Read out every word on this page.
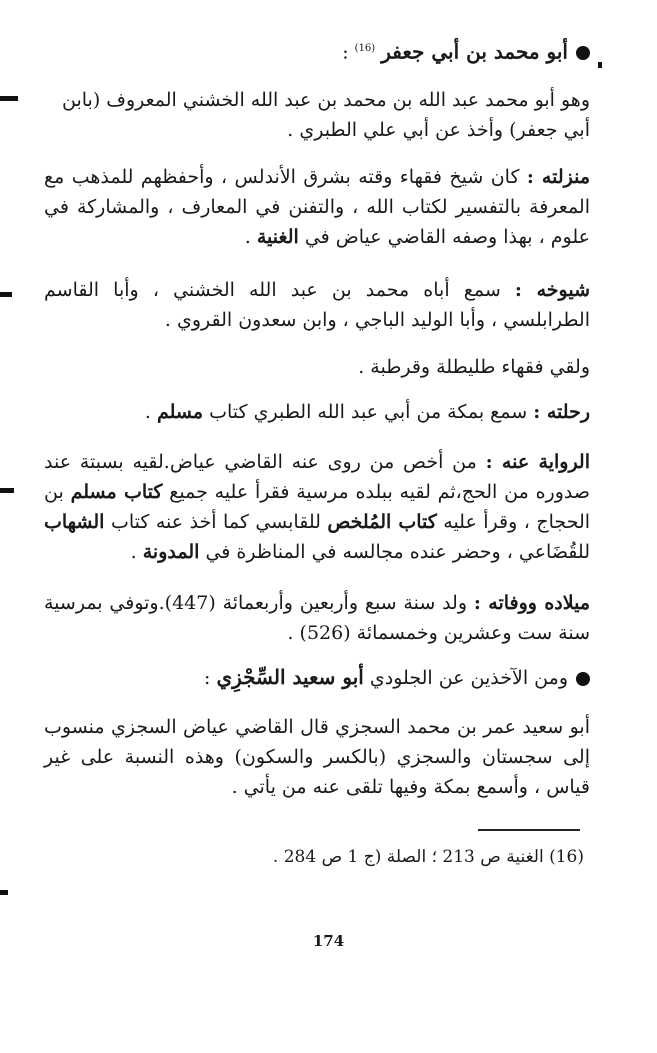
أبو محمد بن أبي جعفر $^{(16)}$ :
وهو أبو محمد عبد الله بن محمد بن عبد الله الخشني المعروف (بابن
أبي جعفر) وأخذ عن أبي علي الطبري .
منزلته : كان شيخ فقهاء وقته بشرق الأندلس ، وأحفظهم للمذهب مع المعرفة بالتفسير لكتاب الله ، والتفنن في المعارف ، والمشاركة في علوم ، بهذا وصفه القاضي عياض في الغنية .
شيوخه : سمع أباه محمد بن عبد الله الخشني ، وأبا القاسم الطرابلسي ، وأبا الوليد الباجي ، وابن سعدون القروي .
ولقي فقهاء طليطلة وقرطبة .
رحلته : سمع بمكة من أبي عبد الله الطبري كتاب مسلم .
الرواية عنه : من أخص من روى عنه القاضي عياض.لقيه بسبتة عند صدوره من الحج،ثم لقيه ببلده مرسية فقرأ عليه جميع كتاب مسلم بن الحجاج ، وقرأ عليه كتاب المُلخص للقابسي كما أخذ عنه كتاب الشهاب للقُضَاعي ، وحضر عنده مجالسه في المناظرة في المدونة .
ميلاده ووفاته : ولد سنة سبع وأربعين وأربعمائة (447).وتوفي بمرسية سنة ست وعشرين وخمسمائة (526) .
ومن الآخذين عن الجلودي أبو سعيد السِّجْزِي :
أبو سعيد عمر بن محمد السجزي قال القاضي عياض السجزي منسوب إلى سجستان والسجزي (بالكسر والسكون) وهذه النسبة على غير قياس ، وأسمع بمكة وفيها تلقى عنه من يأتي .
(16) الغنية ص 213 ؛ الصلة (ج 1 ص 284 .
174
